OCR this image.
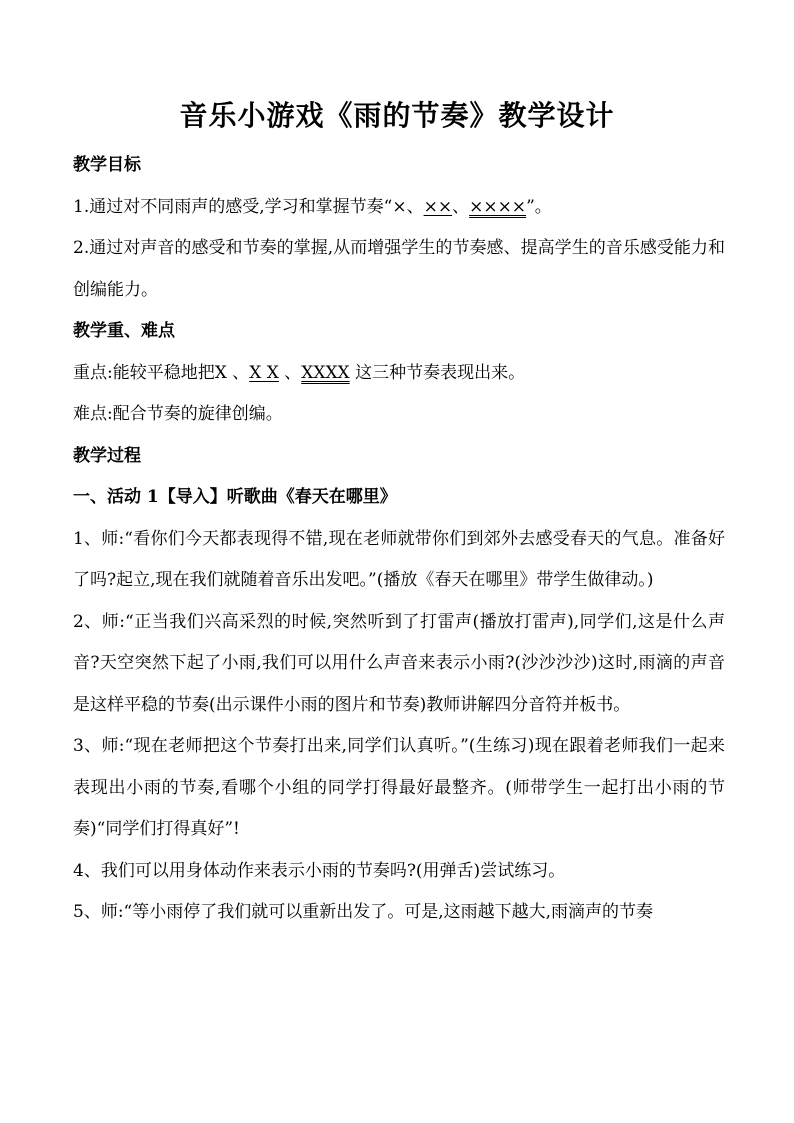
音乐小游戏《雨的节奏》教学设计

教学目标

1.通过对不同雨声的感受,学习和掌握节奏“×、××、××××”。

2.通过对声音的感受和节奏的掌握,从而增强学生的节奏感、提高学生的音乐感受能力和创编能力。

教学重、难点

重点:能较平稳地把X 、X X 、XXXX 这三种节奏表现出来。

难点:配合节奏的旋律创编。

教学过程

一、活动 1【导入】听歌曲《春天在哪里》

1、师:“看你们今天都表现得不错,现在老师就带你们到郊外去感受春天的气息。准备好了吗?起立,现在我们就随着音乐出发吧。”(播放《春天在哪里》带学生做律动。)

2、师:“正当我们兴高采烈的时候,突然听到了打雷声(播放打雷声),同学们,这是什么声音?天空突然下起了小雨,我们可以用什么声音来表示小雨?(沙沙沙沙)这时,雨滴的声音是这样平稳的节奏(出示课件小雨的图片和节奏)教师讲解四分音符并板书。

3、师:“现在老师把这个节奏打出来,同学们认真听。”(生练习)现在跟着老师我们一起来表现出小雨的节奏,看哪个小组的同学打得最好最整齐。(师带学生一起打出小雨的节奏)“同学们打得真好”!

4、我们可以用身体动作来表示小雨的节奏吗?(用弹舌)尝试练习。

5、师:“等小雨停了我们就可以重新出发了。可是,这雨越下越大,雨滴声的节奏
